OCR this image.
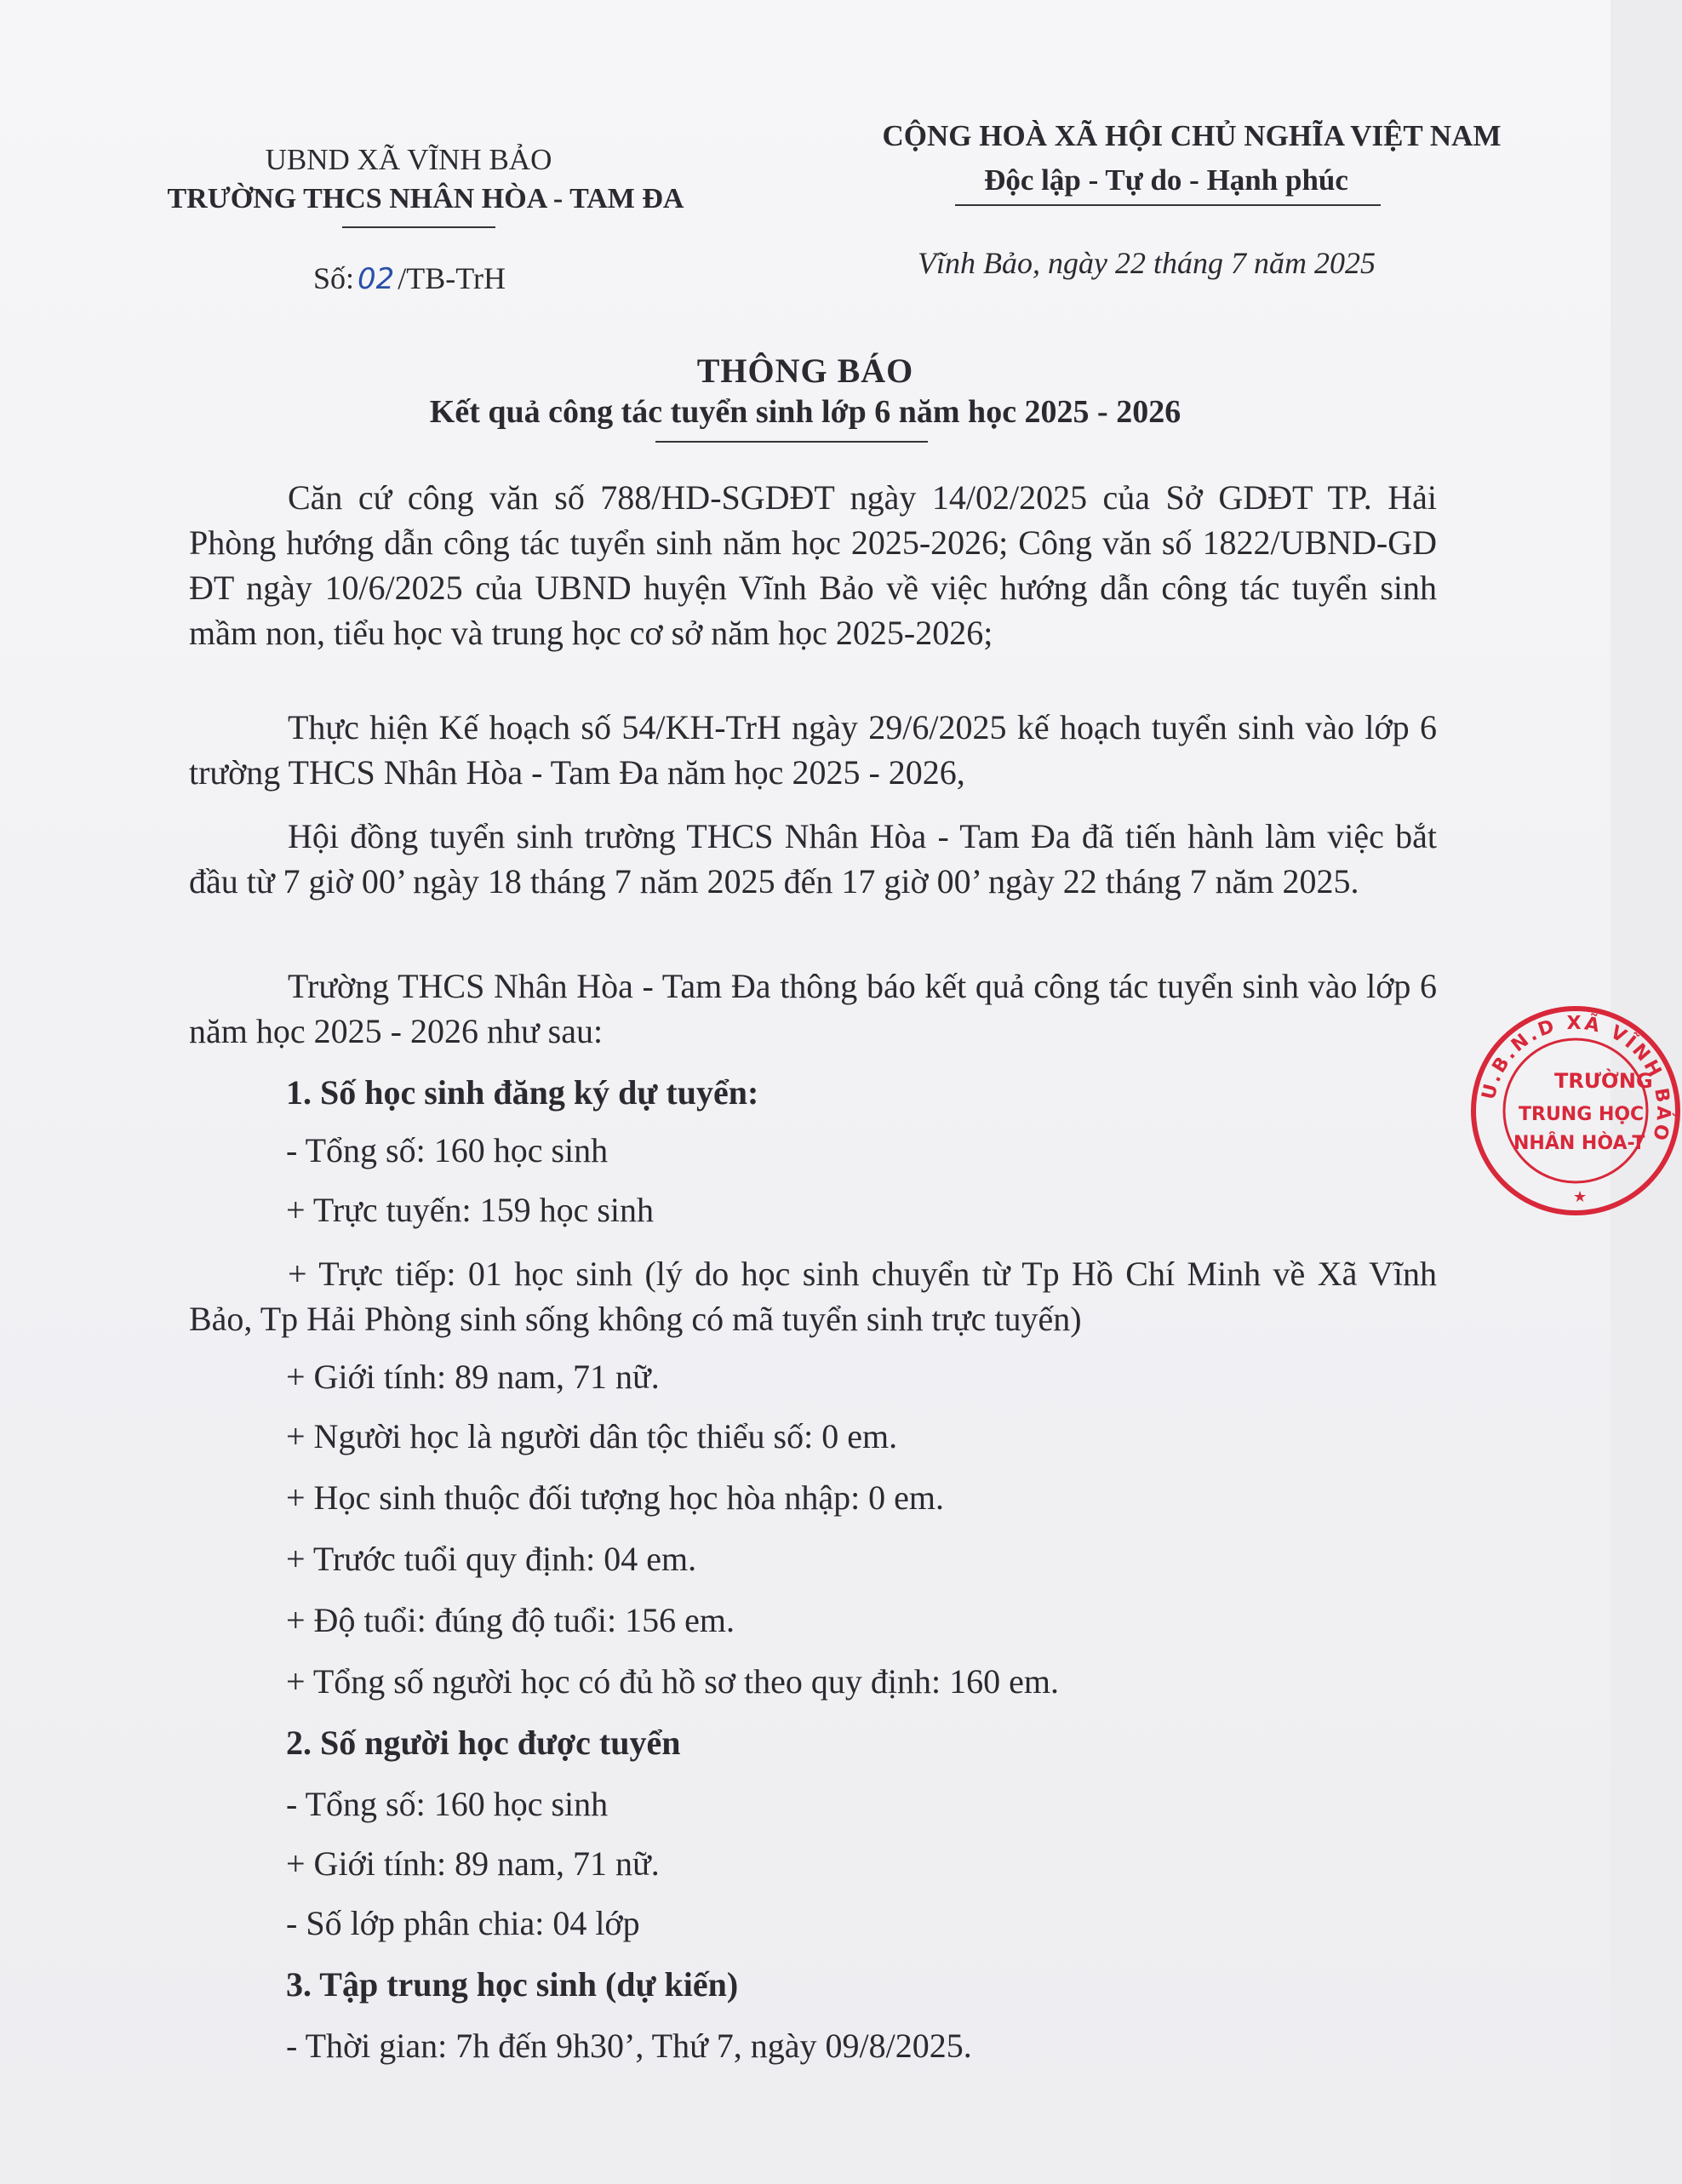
UBND XÃ VĨNH BẢO
TRƯỜNG THCS NHÂN HÒA - TAM ĐA
Số: 02 /TB-TrH
CỘNG HOÀ XÃ HỘI CHỦ NGHĨA VIỆT NAM
Độc lập - Tự do - Hạnh phúc
Vĩnh Bảo, ngày 22 tháng 7 năm 2025
THÔNG BÁO
Kết quả công tác tuyển sinh lớp 6 năm học 2025 - 2026
Căn cứ công văn số 788/HD-SGDĐT ngày 14/02/2025 của Sở GDĐT TP. Hải Phòng hướng dẫn công tác tuyển sinh năm học 2025-2026; Công văn số 1822/UBND-GD ĐT ngày 10/6/2025 của UBND huyện Vĩnh Bảo về việc hướng dẫn công tác tuyển sinh mầm non, tiểu học và trung học cơ sở năm học 2025-2026;
Thực hiện Kế hoạch số 54/KH-TrH ngày 29/6/2025 kế hoạch tuyển sinh vào lớp 6 trường THCS Nhân Hòa - Tam Đa năm học 2025 - 2026,
Hội đồng tuyển sinh trường THCS Nhân Hòa - Tam Đa đã tiến hành làm việc bắt đầu từ 7 giờ 00’ ngày 18 tháng 7 năm 2025 đến 17 giờ 00’ ngày 22 tháng 7 năm 2025.
Trường THCS Nhân Hòa - Tam Đa thông báo kết quả công tác tuyển sinh vào lớp 6 năm học 2025 - 2026 như sau:
1. Số học sinh đăng ký dự tuyển:
- Tổng số: 160 học sinh
+ Trực tuyến: 159 học sinh
+ Trực tiếp: 01 học sinh (lý do học sinh chuyển từ Tp Hồ Chí Minh về Xã Vĩnh Bảo, Tp Hải Phòng sinh sống không có mã tuyển sinh trực tuyến)
+ Giới tính: 89 nam, 71 nữ.
+ Người học là người dân tộc thiểu số: 0 em.
+ Học sinh thuộc đối tượng học hòa nhập: 0 em.
+ Trước tuổi quy định: 04 em.
+ Độ tuổi: đúng độ tuổi: 156 em.
+ Tổng số người học có đủ hồ sơ theo quy định: 160 em.
2. Số người học được tuyển
- Tổng số: 160 học sinh
+ Giới tính: 89 nam, 71 nữ.
- Số lớp phân chia: 04 lớp
3. Tập trung học sinh (dự kiến)
- Thời gian: 7h đến 9h30’, Thứ 7, ngày 09/8/2025.
U.B.N.D XÃ VĨNH BẢO
TRƯỜNG
TRUNG HỌC
NHÂN HÒA-T
★
